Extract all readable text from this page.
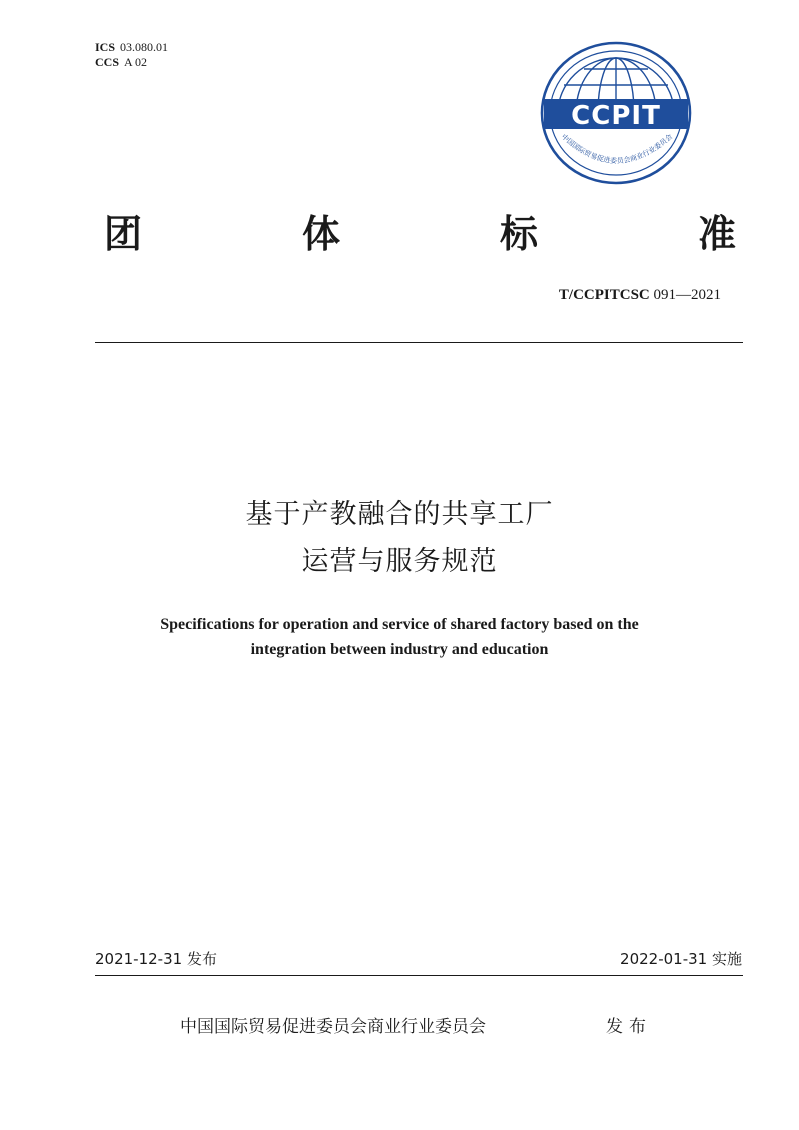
ICS 03.080.01
CCS A 02
CCPIT
中国国际贸易促进委员会商业行业委员会
团	体	标	准
T/CCPITCSC 091—2021
基于产教融合的共享工厂
运营与服务规范
Specifications for operation and service of shared factory based on the
integration between industry and education
2021-12-31 发布	2022-01-31 实施
中国国际贸易促进委员会商业行业委员会	发布
